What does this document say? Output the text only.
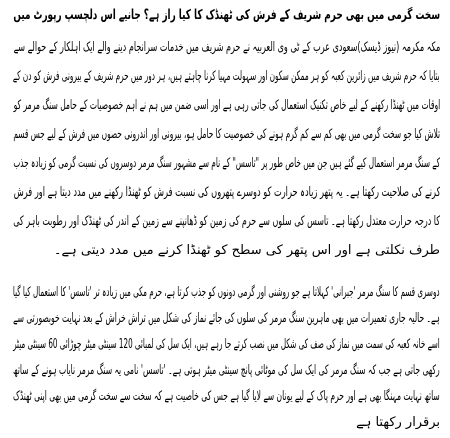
سخت گرمی میں بھی حرم شریف کے فرش کی ٹھنڈک کا کیا راز ہے؟ جانیے اس دلچسپ رپورٹ میں
مکہ مکرمہ (نیوز ڈیسک)سعودی عرب کے ٹی وی العربیہ نے حرم شریف میں خدمات سرانجام دینے والے ایک اہلکار کے حوالے سے
بتایا کہ حرم شریف میں زائرین کعبہ کو ہر ممکن سکون اور سہولت مہیا کرنا چاہتے ہیں، ہر دور میں حرم شریف کے بیرونی فرش کو دن کے
اوقات میں ٹھنڈا رکھنے کے لیے خاص تکنیک استعمال کی جاتی رہی ہے اور اسی ضمن میں ہم نے اہم خصوصیات کے حامل سنگ مرمر کو
تلاش کیا جو سخت گرمی میں بھی کم سے کم گرم ہونے کی خصوصیت کا حامل ہو، بیرونی اور اندرونی حصوں میں فرش کے لیے جس قسم
کے سنگ مرمر استعمال کیے گئے ہیں جن میں خاص طور پر "تاسس" کے نام سے مشہور سنگ مرمر دوسروں کی نسبت گرمی کو زیادہ جذب
کرنے کی صلاحیت رکھتا ہے۔ یہ پتھر زیادہ حرارت کو دوسرے پتھروں کی نسبت فرش کو ٹھنڈا رکھنے میں مدد دیتا ہے اور فرش
کا درجہ حرارت معتدل رکھتا ہے۔ تاسس کی سلوں سے حرم کی زمین کو ڈھانپنے سے زمین کے اندر کی ٹھنڈک اور رطوبت باہر کی
طرف نکلتی ہے اور اس پتھر کی سطح کو ٹھنڈا کرنے میں مدد دیتی ہے۔
دوسری قسم کا سنگ مرمر 'جبرانی' کہلاتا ہے جو روشنی اور گرمی دونوں کو جذب کرتا ہے، حرم مکی میں زیادہ تر 'تاسس' کا استعمال کیا گیا
ہے۔ حالیہ جاری تعمیرات میں بھی ماہرین سنگ مرمر کی سلوں کی جائے نماز کی شکل میں تراش خراش کے بعد نہایت خوبصورتی سے
اسے خانہ کعبہ کی سمت میں نماز کی صف کی شکل میں نصب کرتے جا رہے ہیں، ایک سل کی لمبائی 120 سینٹی میٹر چوڑائی 60 سینٹی میٹر
رکھی جاتی ہے جب کہ سنگ مرمر کی ایک سل کی موٹائی پانچ سینٹی میٹر ہوتی ہے۔ 'تاسس' نامی یہ سنگ مرمر نایاب ہونے کے ساتھ
ساتھ نہایت مہنگا بھی ہے اور حرم پاک کے لیے یونان سے لایا گیا ہے جس کی خاصیت ہے کہ سخت سے سخت گرمی میں بھی اپنی ٹھنڈک
برقرار رکھتا ہے
